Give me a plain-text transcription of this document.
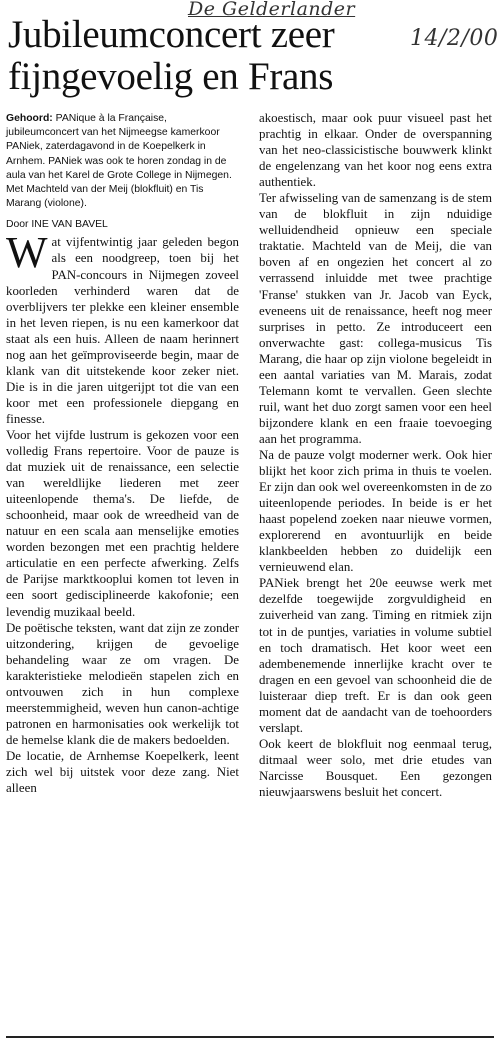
De Gelderlander
14/2/00
Jubileumconcert zeer fijngevoelig en Frans

Gehoord: PANique à la Française, jubileumconcert van het Nijmeegse kamerkoor PANiek, zaterdagavond in de Koepelkerk in Arnhem. PANiek was ook te horen zondag in de aula van het Karel de Grote College in Nijmegen. Met Machteld van der Meij (blokfluit) en Tis Marang (violone).

Door INE VAN BAVEL

Wat vijfentwintig jaar geleden begon als een noodgreep, toen bij het PAN-concours in Nijmegen zoveel koorleden verhinderd waren dat de overblijvers ter plekke een kleiner ensemble in het leven riepen, is nu een kamerkoor dat staat als een huis. Alleen de naam herinnert nog aan het geïmproviseerde begin, maar de klank van dit uitstekende koor zeker niet. Die is in die jaren uitgerijpt tot die van een koor met een professionele diepgang en finesse.

Voor het vijfde lustrum is gekozen voor een volledig Frans repertoire. Voor de pauze is dat muziek uit de renaissance, een selectie van wereldlijke liederen met zeer uiteenlopende thema's. De liefde, de schoonheid, maar ook de wreedheid van de natuur en een scala aan menselijke emoties worden bezongen met een prachtig heldere articulatie en een perfecte afwerking. Zelfs de Parijse marktkooplui komen tot leven in een soort gedisciplineerde kakofonie; een levendig muzikaal beeld.

De poëtische teksten, want dat zijn ze zonder uitzondering, krijgen de gevoelige behandeling waar ze om vragen. De karakteristieke melodieën stapelen zich en ontvouwen zich in hun complexe meerstemmigheid, weven hun canon-achtige patronen en harmonisaties ook werkelijk tot de hemelse klank die de makers bedoelden.

De locatie, de Arnhemse Koepelkerk, leent zich wel bij uitstek voor deze zang. Niet alleen

akoestisch, maar ook puur visueel past het prachtig in elkaar. Onder de overspanning van het neo-classicistische bouwwerk klinkt de engelenzang van het koor nog eens extra authentiek.

Ter afwisseling van de samenzang is de stem van de blokfluit in zijn nduidige welluidendheid opnieuw een speciale traktatie. Machteld van de Meij, die van boven af en ongezien het concert al zo verrassend inluidde met twee prachtige 'Franse' stukken van Jr. Jacob van Eyck, eveneens uit de renaissance, heeft nog meer surprises in petto. Ze introduceert een onverwachte gast: collega-musicus Tis Marang, die haar op zijn violone begeleidt in een aantal variaties van M. Marais, zodat Telemann komt te vervallen. Geen slechte ruil, want het duo zorgt samen voor een heel bijzondere klank en een fraaie toevoeging aan het programma.

Na de pauze volgt moderner werk. Ook hier blijkt het koor zich prima in thuis te voelen. Er zijn dan ook wel overeenkomsten in de zo uiteenlopende periodes. In beide is er het haast popelend zoeken naar nieuwe vormen, explorerend en avontuurlijk en beide klankbeelden hebben zo duidelijk een vernieuwend elan.

PANiek brengt het 20e eeuwse werk met dezelfde toegewijde zorgvuldigheid en zuiverheid van zang. Timing en ritmiek zijn tot in de puntjes, variaties in volume subtiel en toch dramatisch. Het koor weet een adembenemende innerlijke kracht over te dragen en een gevoel van schoonheid die de luisteraar diep treft. Er is dan ook geen moment dat de aandacht van de toehoorders verslapt.

Ook keert de blokfluit nog eenmaal terug, ditmaal weer solo, met drie etudes van Narcisse Bousquet. Een gezongen nieuwjaarswens besluit het concert.
